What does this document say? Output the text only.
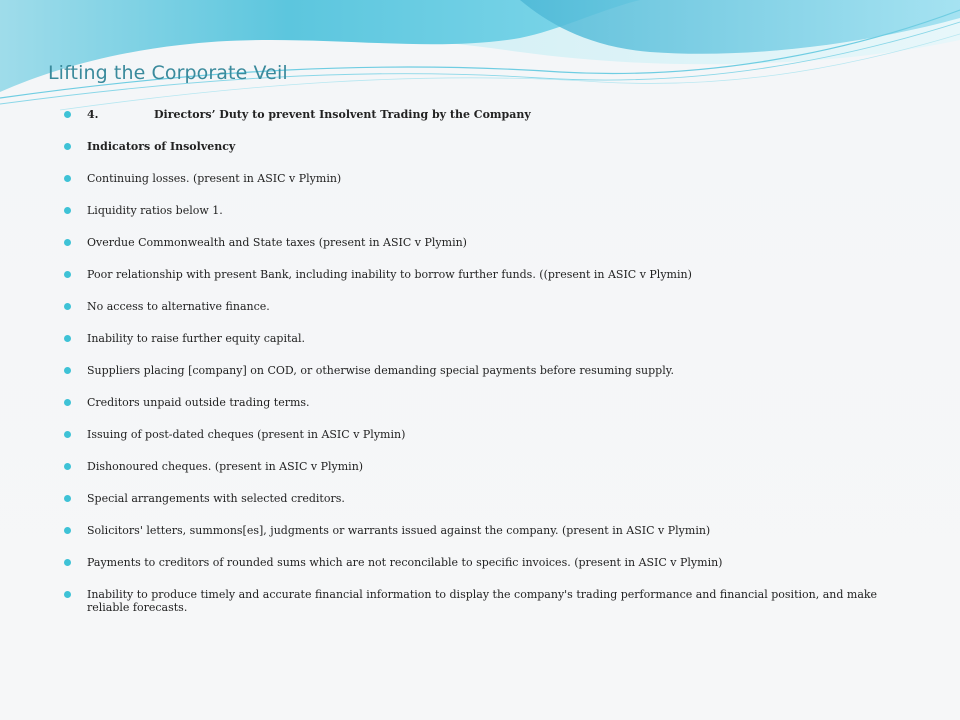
Lifting the Corporate Veil
4.	Directors’ Duty to prevent Insolvent Trading by the Company
Indicators of Insolvency
Continuing losses. (present in ASIC v Plymin)
Liquidity ratios below 1.
Overdue Commonwealth and State taxes (present in ASIC v Plymin)
Poor relationship with present Bank, including inability to borrow further funds. ((present in ASIC v Plymin)
No access to alternative finance.
Inability to raise further equity capital.
Suppliers placing [company] on COD, or otherwise demanding special payments before resuming supply.
Creditors unpaid outside trading terms.
Issuing of post-dated cheques (present in ASIC v Plymin)
Dishonoured cheques. (present in ASIC v Plymin)
Special arrangements with selected creditors.
Solicitors' letters, summons[es], judgments or warrants issued against the company. (present in ASIC v Plymin)
Payments to creditors of rounded sums which are not reconcilable to specific invoices. (present in ASIC v Plymin)
Inability to produce timely and accurate financial information to display the company's trading performance and financial position, and make reliable forecasts.
